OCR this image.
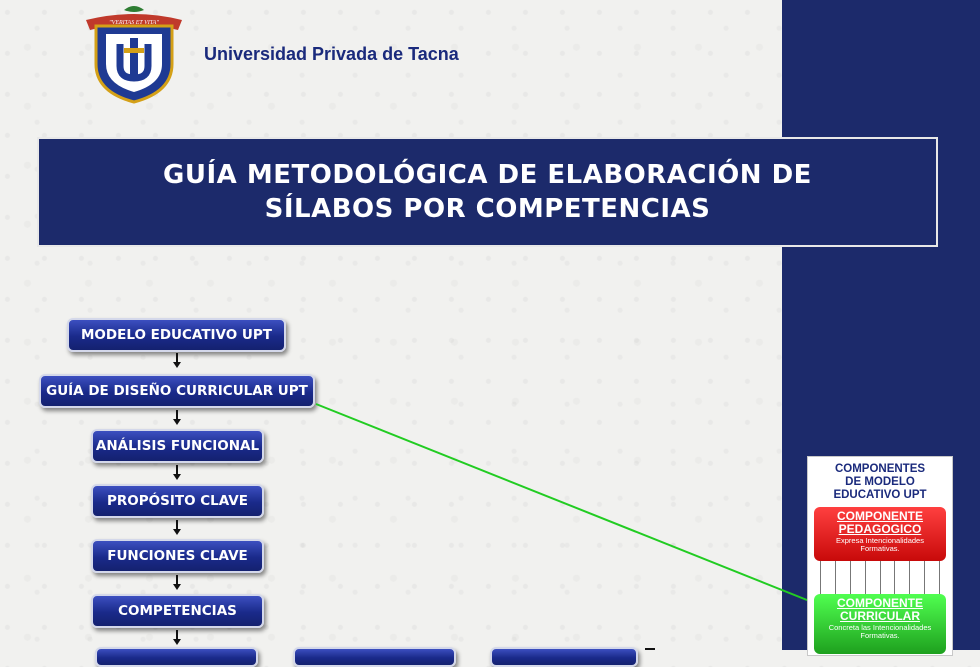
"VERITAS ET VITA"
Universidad Privada de Tacna
GUÍA METODOLÓGICA DE ELABORACIÓN DE
SÍLABOS POR COMPETENCIAS
MODELO EDUCATIVO UPT
GUÍA DE DISEÑO CURRICULAR UPT
ANÁLISIS FUNCIONAL
PROPÓSITO CLAVE
FUNCIONES CLAVE
COMPETENCIAS
COMPONENTES
DE MODELO
EDUCATIVO UPT
COMPONENTE
PEDAGOGICO
Expresa Intencionalidades
Formativas.
COMPONENTE
CURRICULAR
Concreta las Intencionalidades
Formativas.
